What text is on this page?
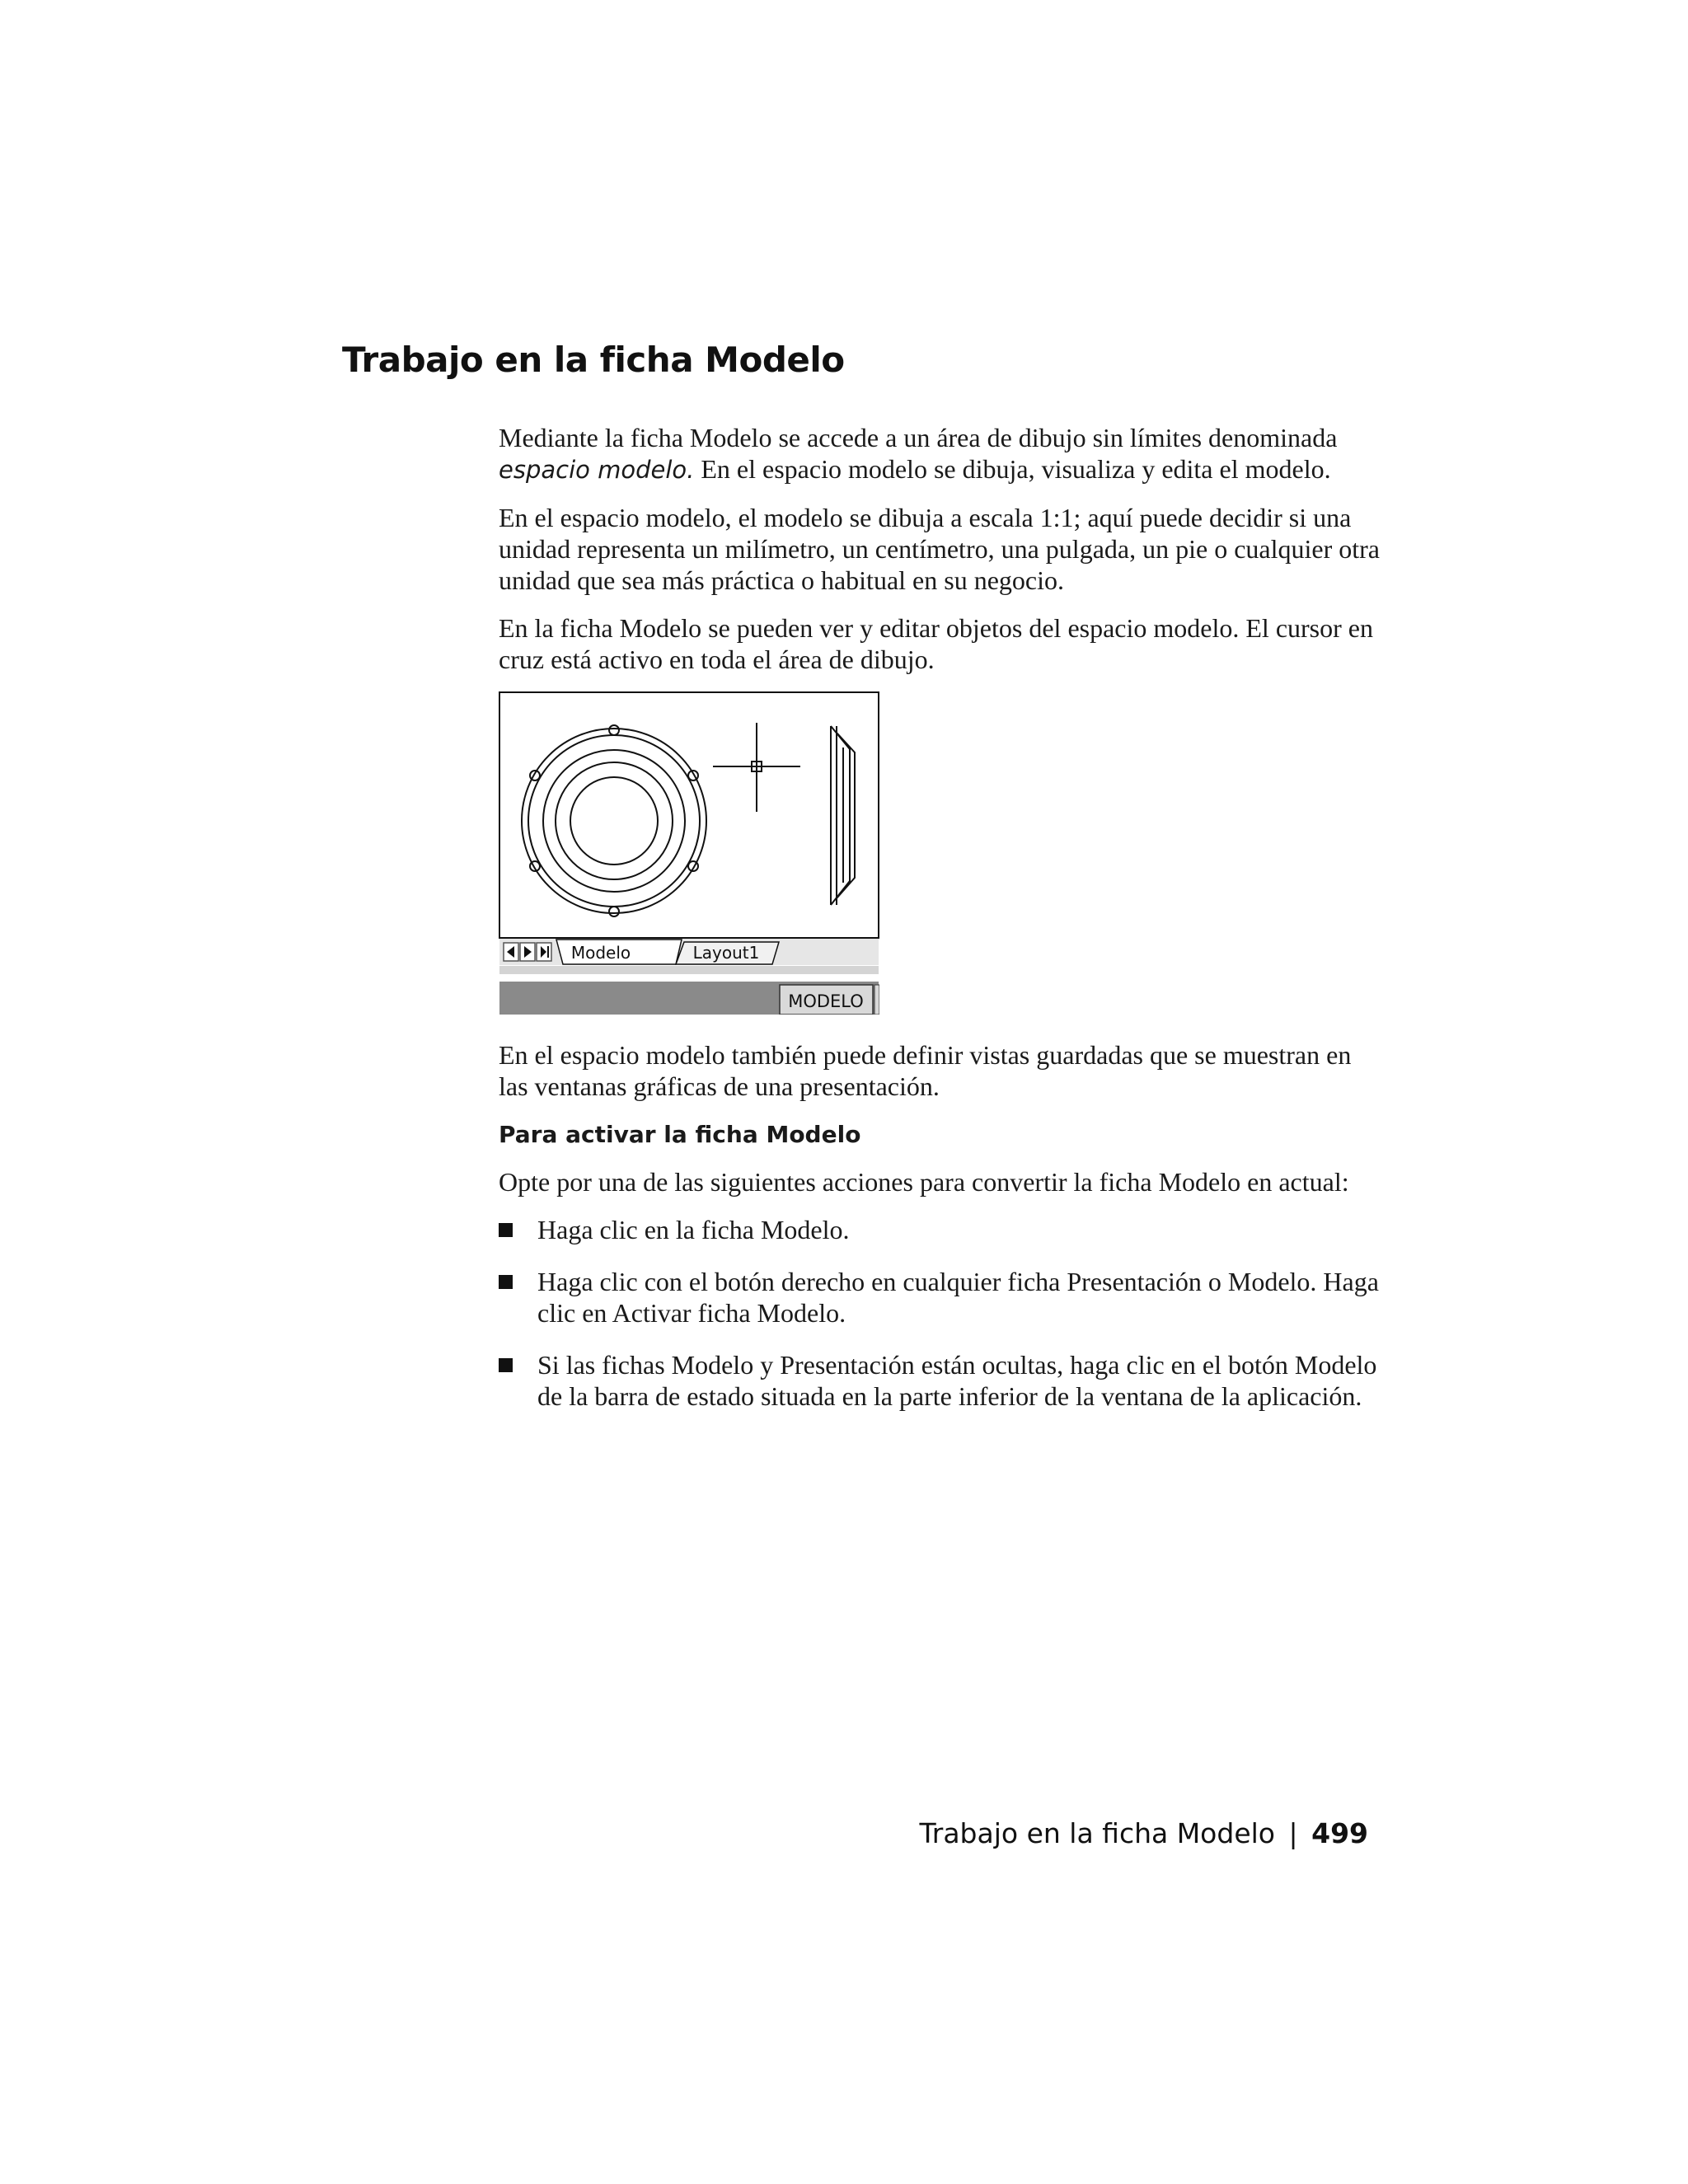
Trabajo en la ficha Modelo

Mediante la ficha Modelo se accede a un área de dibujo sin límites denominada espacio modelo. En el espacio modelo se dibuja, visualiza y edita el modelo.

En el espacio modelo, el modelo se dibuja a escala 1:1; aquí puede decidir si una unidad representa un milímetro, un centímetro, una pulgada, un pie o cualquier otra unidad que sea más práctica o habitual en su negocio.

En la ficha Modelo se pueden ver y editar objetos del espacio modelo. El cursor en cruz está activo en toda el área de dibujo.

Modelo	Layout1
MODELO

En el espacio modelo también puede definir vistas guardadas que se muestran en las ventanas gráficas de una presentación.

Para activar la ficha Modelo

Opte por una de las siguientes acciones para convertir la ficha Modelo en actual:

Haga clic en la ficha Modelo.
Haga clic con el botón derecho en cualquier ficha Presentación o Modelo. Haga clic en Activar ficha Modelo.
Si las fichas Modelo y Presentación están ocultas, haga clic en el botón Modelo de la barra de estado situada en la parte inferior de la ventana de la aplicación.
Trabajo en la ficha Modelo | 499
